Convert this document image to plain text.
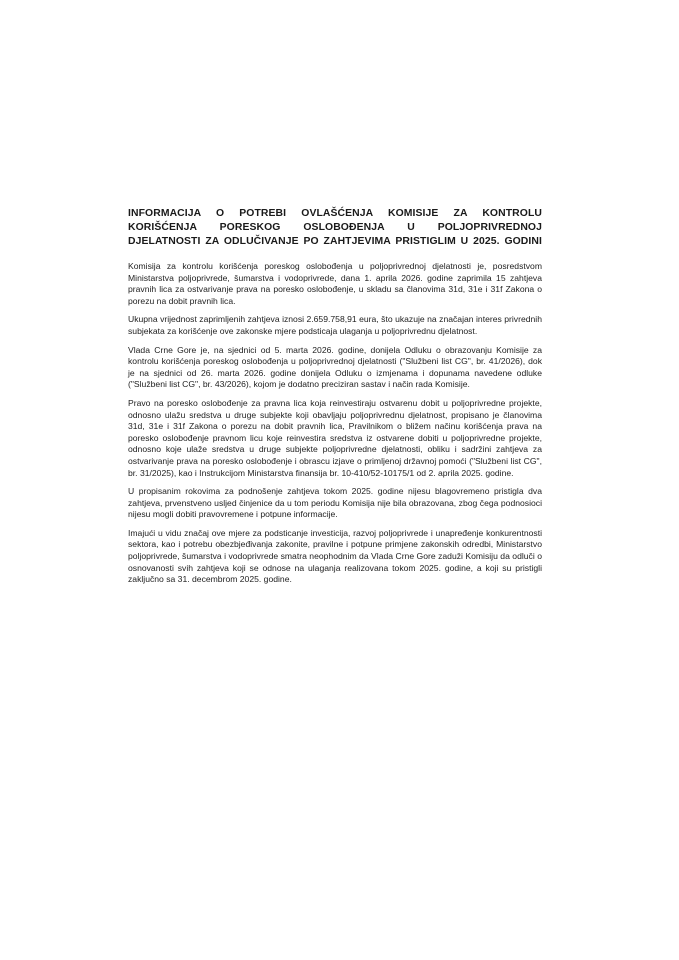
INFORMACIJA O POTREBI OVLAŠĆENJA KOMISIJE ZA KONTROLU
KORIŠĆENJA PORESKOG OSLOBOĐENJA U POLJOPRIVREDNOJ
DJELATNOSTI ZA ODLUČIVANJE PO ZAHTJEVIMA PRISTIGLIM U 2025. GODINI

Komisija za kontrolu korišćenja poreskog oslobođenja u poljoprivrednoj djelatnosti je, posredstvom Ministarstva poljoprivrede, šumarstva i vodoprivrede, dana 1. aprila 2026. godine zaprimila 15 zahtjeva pravnih lica za ostvarivanje prava na poresko oslobođenje, u skladu sa članovima 31d, 31e i 31f Zakona o porezu na dobit pravnih lica.

Ukupna vrijednost zaprimljenih zahtjeva iznosi 2.659.758,91 eura, što ukazuje na značajan interes privrednih subjekata za korišćenje ove zakonske mjere podsticaja ulaganja u poljoprivrednu djelatnost.

Vlada Crne Gore je, na sjednici od 5. marta 2026. godine, donijela Odluku o obrazovanju Komisije za kontrolu korišćenja poreskog oslobođenja u poljoprivrednoj djelatnosti ("Službeni list CG", br. 41/2026), dok je na sjednici od 26. marta 2026. godine donijela Odluku o izmjenama i dopunama navedene odluke ("Službeni list CG", br. 43/2026), kojom je dodatno preciziran sastav i način rada Komisije.

Pravo na poresko oslobođenje za pravna lica koja reinvestiraju ostvarenu dobit u poljoprivredne projekte, odnosno ulažu sredstva u druge subjekte koji obavljaju poljoprivrednu djelatnost, propisano je članovima 31d, 31e i 31f Zakona o porezu na dobit pravnih lica, Pravilnikom o bližem načinu korišćenja prava na poresko oslobođenje pravnom licu koje reinvestira sredstva iz ostvarene dobiti u poljoprivredne projekte, odnosno koje ulaže sredstva u druge subjekte poljoprivredne djelatnosti, obliku i sadržini zahtjeva za ostvarivanje prava na poresko oslobođenje i obrascu izjave o primljenoj državnoj pomoći ("Službeni list CG", br. 31/2025), kao i Instrukcijom Ministarstva finansija br. 10-410/52-10175/1 od 2. aprila 2025. godine.

U propisanim rokovima za podnošenje zahtjeva tokom 2025. godine nijesu blagovremeno pristigla dva zahtjeva, prvenstveno usljed činjenice da u tom periodu Komisija nije bila obrazovana, zbog čega podnosioci nijesu mogli dobiti pravovremene i potpune informacije.

Imajući u vidu značaj ove mjere za podsticanje investicija, razvoj poljoprivrede i unapređenje konkurentnosti sektora, kao i potrebu obezbjeđivanja zakonite, pravilne i potpune primjene zakonskih odredbi, Ministarstvo poljoprivrede, šumarstva i vodoprivrede smatra neophodnim da Vlada Crne Gore zaduži Komisiju da odluči o osnovanosti svih zahtjeva koji se odnose na ulaganja realizovana tokom 2025. godine, a koji su pristigli zaključno sa 31. decembrom 2025. godine.
